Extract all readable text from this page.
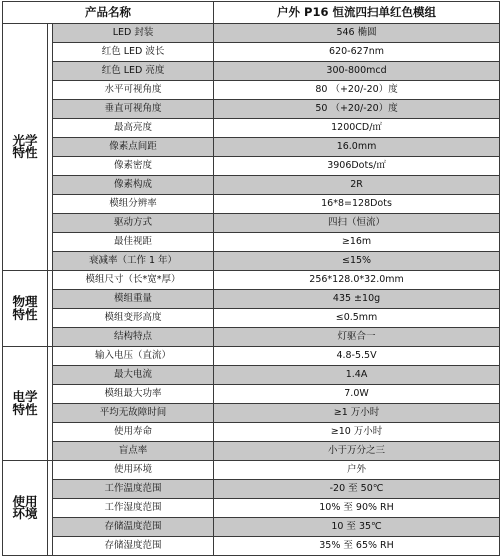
产品名称			户外 P16 恒流四扫单红色模组
光学
特性		LED 封装	546 椭圆
		红色 LED 波长	620-627nm
		红色 LED 亮度	300-800mcd
		水平可视角度	80 （+20/-20）度
		垂直可视角度	50 （+20/-20）度
		最高亮度	1200CD/㎡
		像素点间距	16.0mm
		像素密度	3906Dots/㎡
		像素构成	2R
		模组分辨率	16*8=128Dots
		驱动方式	四扫（恒流）
		最佳视距	≥16m
		衰减率（工作 1 年）	≤15%
物理
特性		模组尺寸（长*宽*厚）	256*128.0*32.0mm
		模组重量	435 ±10g
		模组变形高度	≤0.5mm
		结构特点	灯驱合一
电学
特性		输入电压（直流）	4.8-5.5V
		最大电流	1.4A
		模组最大功率	7.0W
		平均无故障时间	≥1 万小时
		使用寿命	≥10 万小时
		盲点率	小于万分之三
使用
环境		使用环境	户外
		工作温度范围	-20 至 50℃
		工作湿度范围	10% 至 90% RH
		存储温度范围	10 至 35℃
		存储湿度范围	35% 至 65% RH
